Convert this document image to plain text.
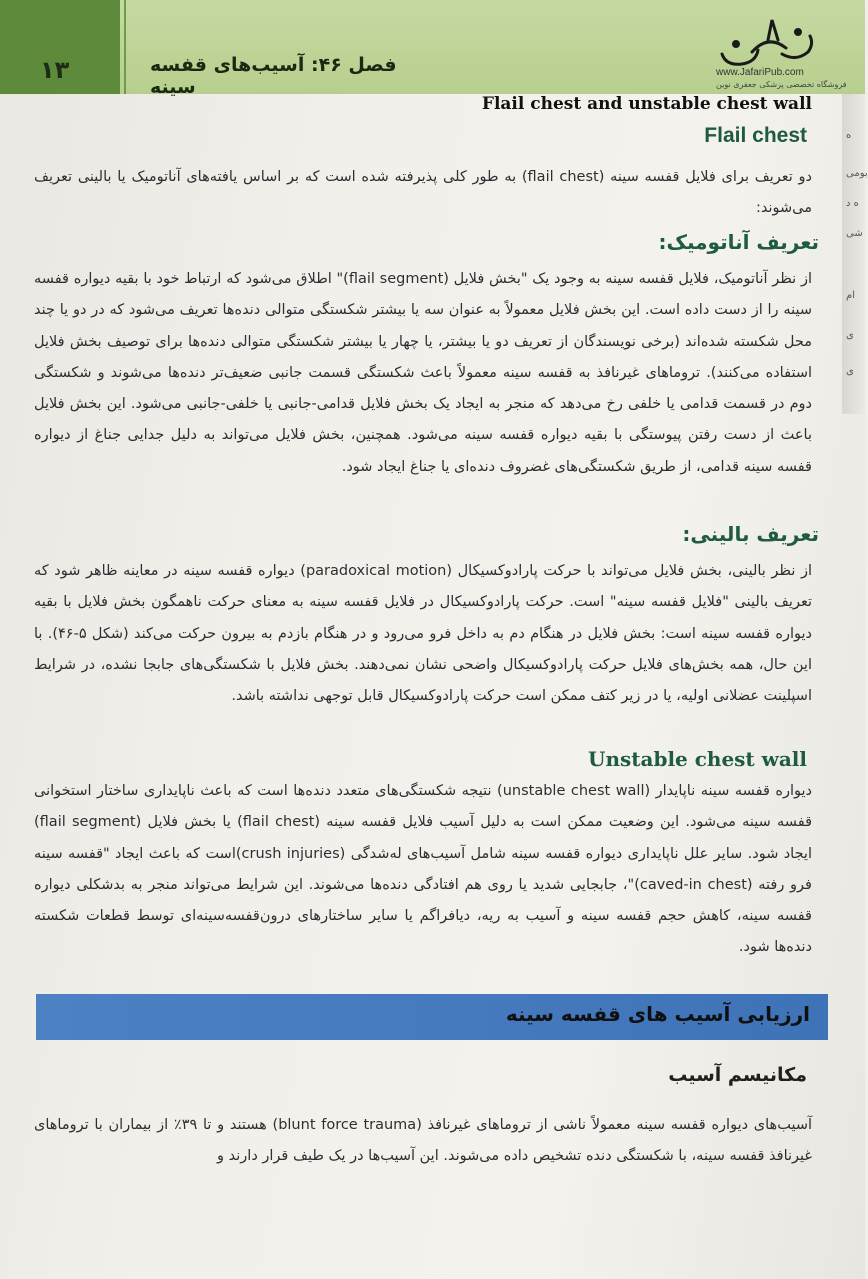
۱۳	فصل ۴۶: آسیب‌های قفسه سینه
www.JafariPub.com
فروشگاه تخصصی پزشکی جعفری نوین
ه
بومی
ه د
شی
ام
ی
ی
Flail chest and unstable chest wall
Flail chest
دو تعریف برای فلایل قفسه سینه (flail chest) به طور کلی پذیرفته شده است که بر اساس یافته‌های آناتومیک یا بالینی تعریف می‌شوند:
تعریف آناتومیک:
از نظر آناتومیک، فلایل قفسه سینه به وجود یک "بخش فلایل (flail segment)" اطلاق می‌شود که ارتباط خود با بقیه دیواره قفسه سینه را از دست داده است. این بخش فلایل معمولاً به عنوان سه یا بیشتر شکستگی متوالی دنده‌ها تعریف می‌شود که در دو یا چند محل شکسته شده‌اند (برخی نویسندگان از تعریف دو یا بیشتر، یا چهار یا بیشتر شکستگی متوالی دنده‌ها برای توصیف بخش فلایل استفاده می‌کنند). تروماهای غیرنافذ به قفسه سینه معمولاً باعث شکستگی قسمت جانبی ضعیف‌تر دنده‌ها می‌شوند و شکستگی دوم در قسمت قدامی یا خلفی رخ می‌دهد که منجر به ایجاد یک بخش فلایل قدامی-جانبی یا خلفی-جانبی می‌شود. این بخش فلایل باعث از دست رفتن پیوستگی با بقیه دیواره قفسه سینه می‌شود. همچنین، بخش فلایل می‌تواند به دلیل جدایی جناغ از دیواره قفسه سینه قدامی، از طریق شکستگی‌های غضروف دنده‌ای یا جناغ ایجاد شود.
تعریف بالینی:
از نظر بالینی، بخش فلایل می‌تواند با حرکت پارادوکسیکال (paradoxical motion) دیواره قفسه سینه در معاینه ظاهر شود که تعریف بالینی "فلایل قفسه سینه" است. حرکت پارادوکسیکال در فلایل قفسه سینه به معنای حرکت ناهمگون بخش فلایل با بقیه دیواره قفسه سینه است: بخش فلایل در هنگام دم به داخل فرو می‌رود و در هنگام بازدم به بیرون حرکت می‌کند (شکل ۵-۴۶). با این حال، همه بخش‌های فلایل حرکت پارادوکسیکال واضحی نشان نمی‌دهند. بخش فلایل با شکستگی‌های جابجا نشده، در شرایط اسپلینت عضلانی اولیه، یا در زیر کتف ممکن است حرکت پارادوکسیکال قابل توجهی نداشته باشد.
Unstable chest wall
دیواره قفسه سینه ناپایدار (unstable chest wall) نتیجه شکستگی‌های متعدد دنده‌ها است که باعث ناپایداری ساختار استخوانی قفسه سینه می‌شود. این وضعیت ممکن است به دلیل آسیب فلایل قفسه سینه (flail chest) یا بخش فلایل (flail segment) ایجاد شود. سایر علل ناپایداری دیواره قفسه سینه شامل آسیب‌های له‌شدگی (crush injuries)است که باعث ایجاد "قفسه سینه فرو رفته (caved-in chest)"، جابجایی شدید یا روی هم افتادگی دنده‌ها می‌شوند. این شرایط می‌تواند منجر به بدشکلی دیواره قفسه سینه، کاهش حجم قفسه سینه و آسیب به ریه، دیافراگم یا سایر ساختارهای درون‌قفسه‌سینه‌ای توسط قطعات شکسته دنده‌ها شود.
ارزیابی آسیب های قفسه سینه
مکانیسم آسیب
آسیب‌های دیواره قفسه سینه معمولاً ناشی از تروماهای غیرنافذ (blunt force trauma) هستند و تا ۳۹٪ از بیماران با تروماهای غیرنافذ قفسه سینه، با شکستگی دنده تشخیص داده می‌شوند. این آسیب‌ها در یک طیف قرار دارند و
